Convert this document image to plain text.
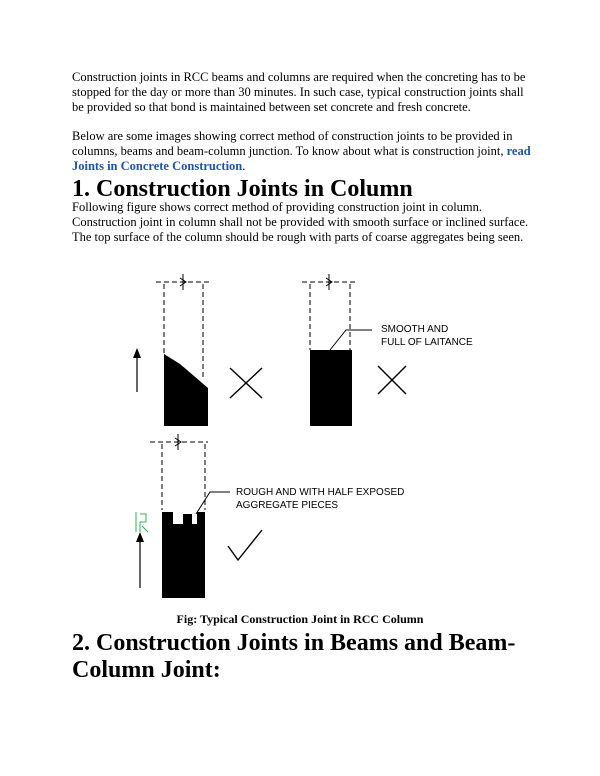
Construction joints in RCC beams and columns are required when the concreting has to be stopped for the day or more than 30 minutes. In such case, typical construction joints shall be provided so that bond is maintained between set concrete and fresh concrete.

Below are some images showing correct method of construction joints to be provided in columns, beams and beam-column junction. To know about what is construction joint, read Joints in Concrete Construction.

1. Construction Joints in Column

Following figure shows correct method of providing construction joint in column. Construction joint in column shall not be provided with smooth surface or inclined surface. The top surface of the column should be rough with parts of coarse aggregates being seen.

SMOOTH AND
FULL OF LAITANCE
ROUGH AND WITH HALF EXPOSED
AGGREGATE PIECES
Fig: Typical Construction Joint in RCC Column
2. Construction Joints in Beams and Beam-
Column Joint:
